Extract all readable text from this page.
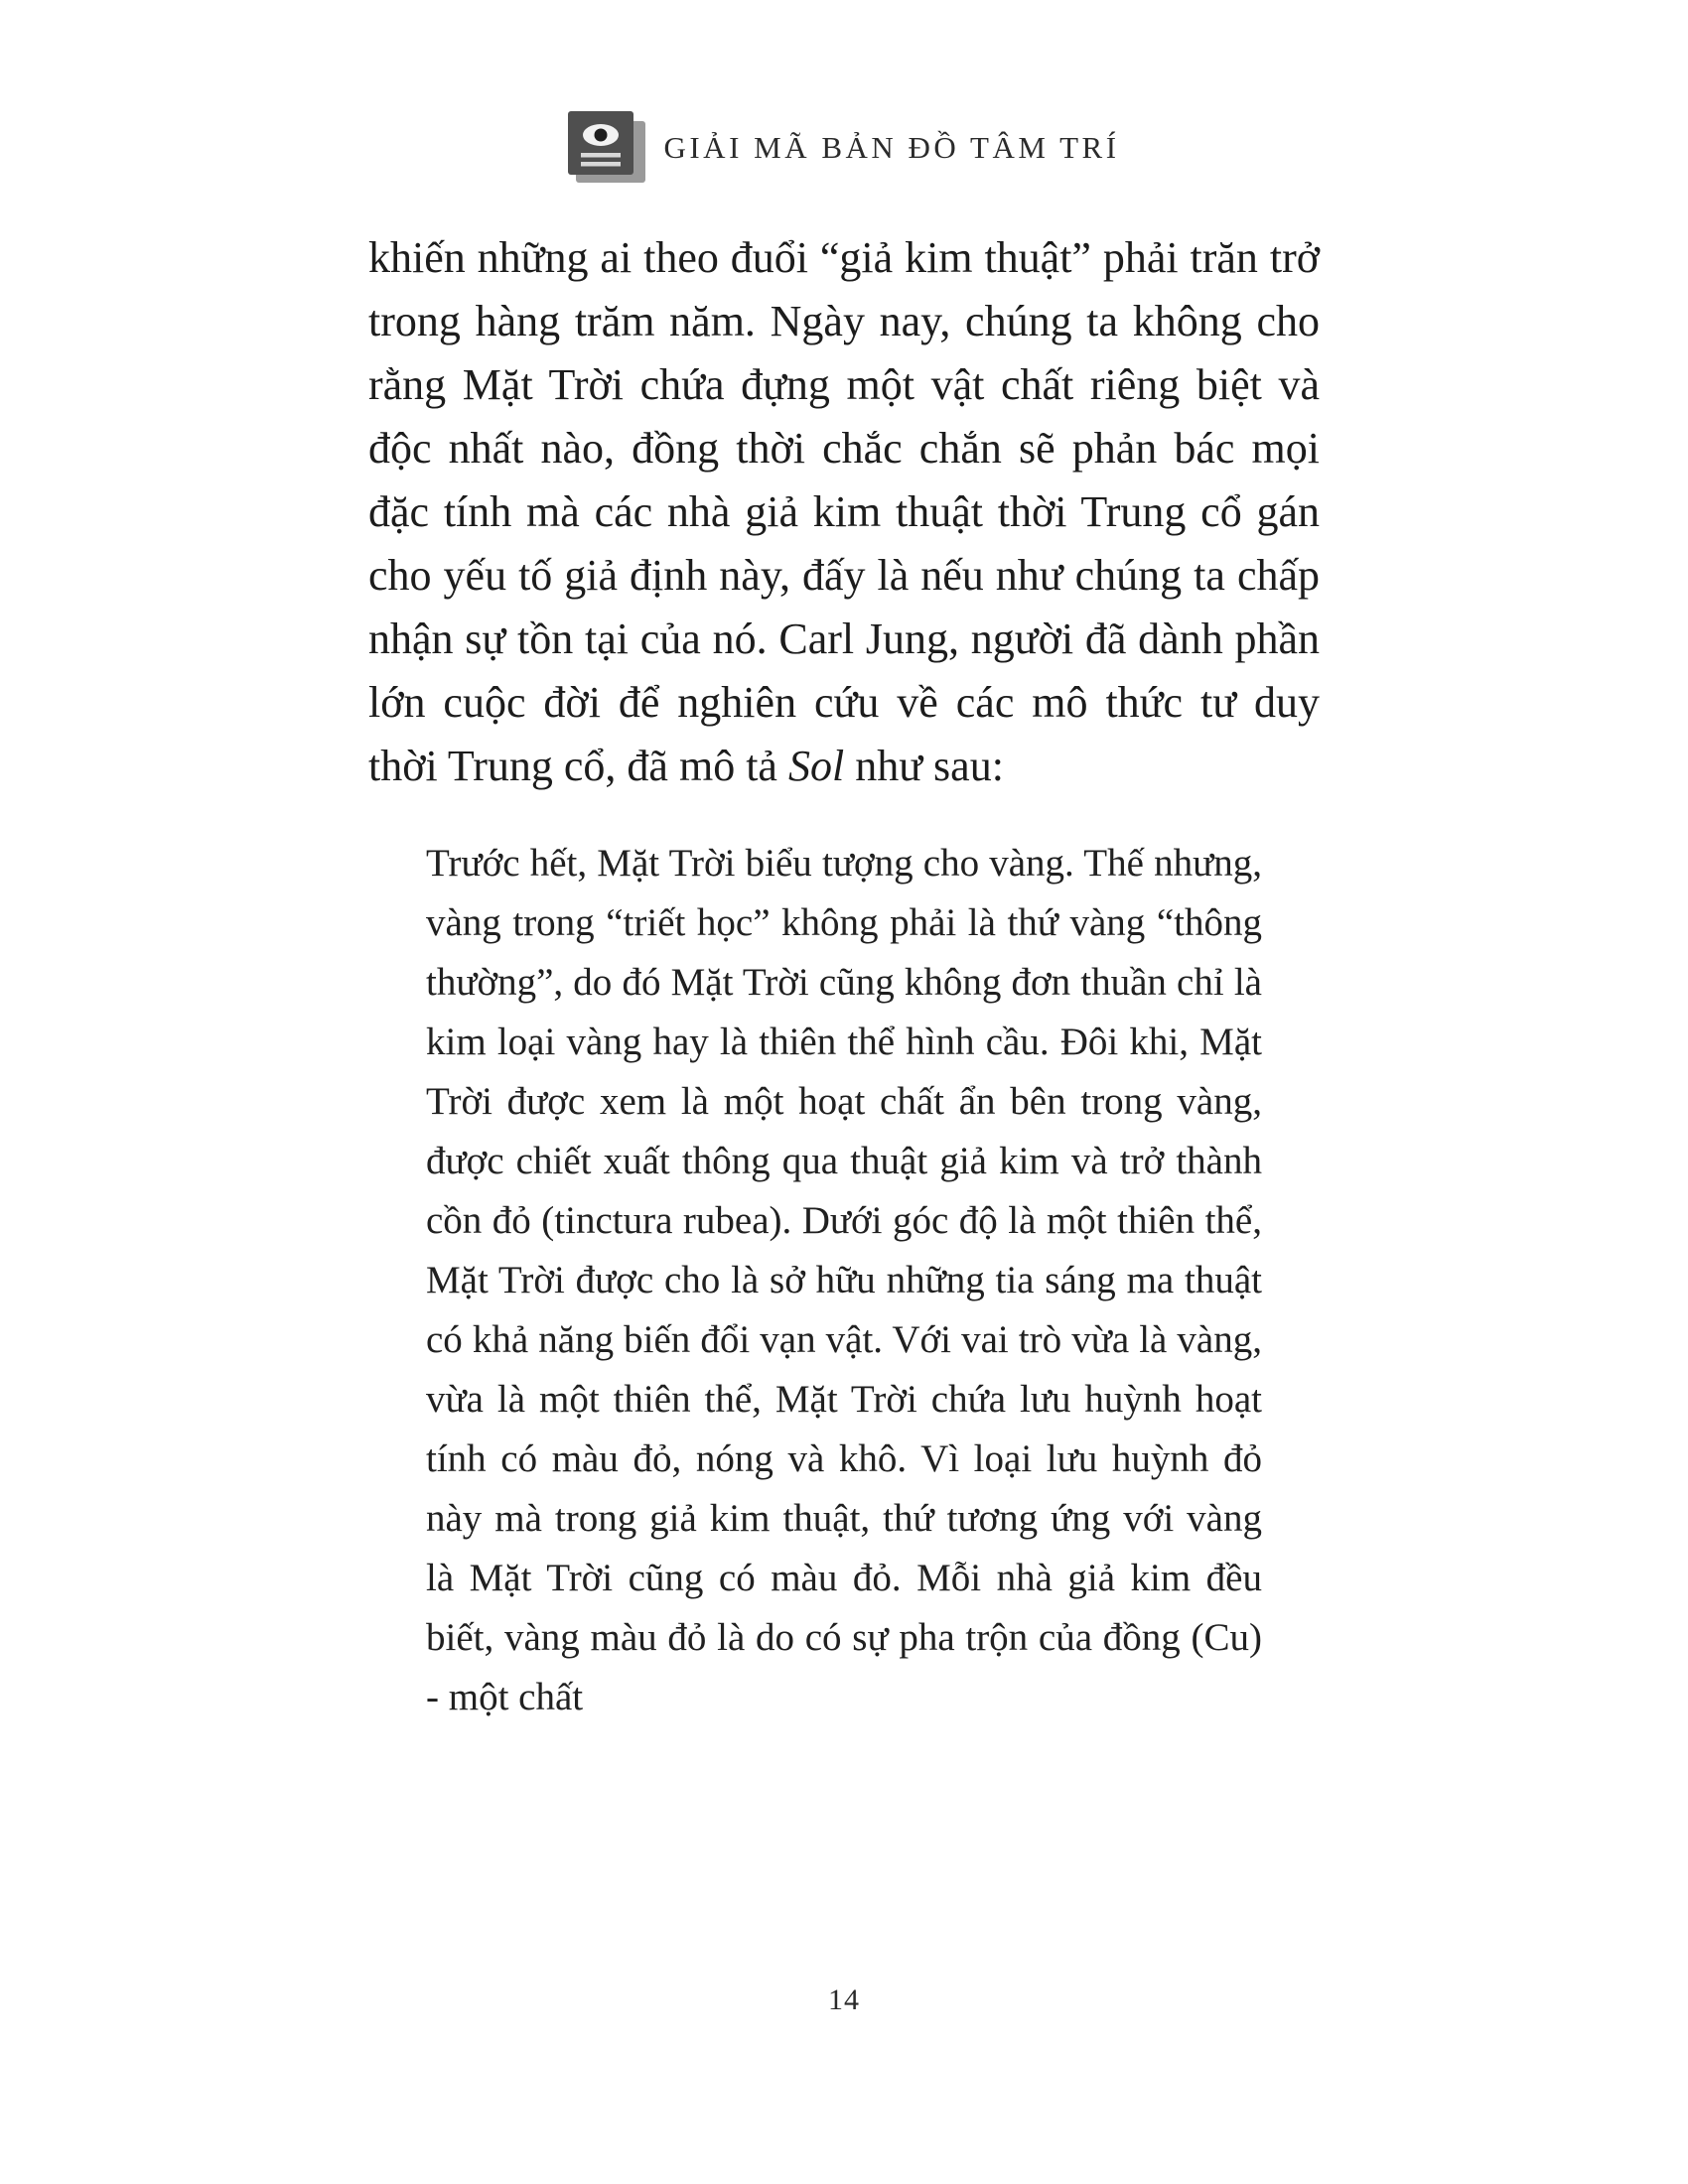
GIẢI MÃ BẢN ĐỒ TÂM TRÍ

khiến những ai theo đuổi “giả kim thuật” phải trăn trở trong hàng trăm năm. Ngày nay, chúng ta không cho rằng Mặt Trời chứa đựng một vật chất riêng biệt và độc nhất nào, đồng thời chắc chắn sẽ phản bác mọi đặc tính mà các nhà giả kim thuật thời Trung cổ gán cho yếu tố giả định này, đấy là nếu như chúng ta chấp nhận sự tồn tại của nó. Carl Jung, người đã dành phần lớn cuộc đời để nghiên cứu về các mô thức tư duy thời Trung cổ, đã mô tả Sol như sau:

Trước hết, Mặt Trời biểu tượng cho vàng. Thế nhưng, vàng trong “triết học” không phải là thứ vàng “thông thường”, do đó Mặt Trời cũng không đơn thuần chỉ là kim loại vàng hay là thiên thể hình cầu. Đôi khi, Mặt Trời được xem là một hoạt chất ẩn bên trong vàng, được chiết xuất thông qua thuật giả kim và trở thành cồn đỏ (tinctura rubea). Dưới góc độ là một thiên thể, Mặt Trời được cho là sở hữu những tia sáng ma thuật có khả năng biến đổi vạn vật. Với vai trò vừa là vàng, vừa là một thiên thể, Mặt Trời chứa lưu huỳnh hoạt tính có màu đỏ, nóng và khô. Vì loại lưu huỳnh đỏ này mà trong giả kim thuật, thứ tương ứng với vàng là Mặt Trời cũng có màu đỏ. Mỗi nhà giả kim đều biết, vàng màu đỏ là do có sự pha trộn của đồng (Cu) - một chất
14
